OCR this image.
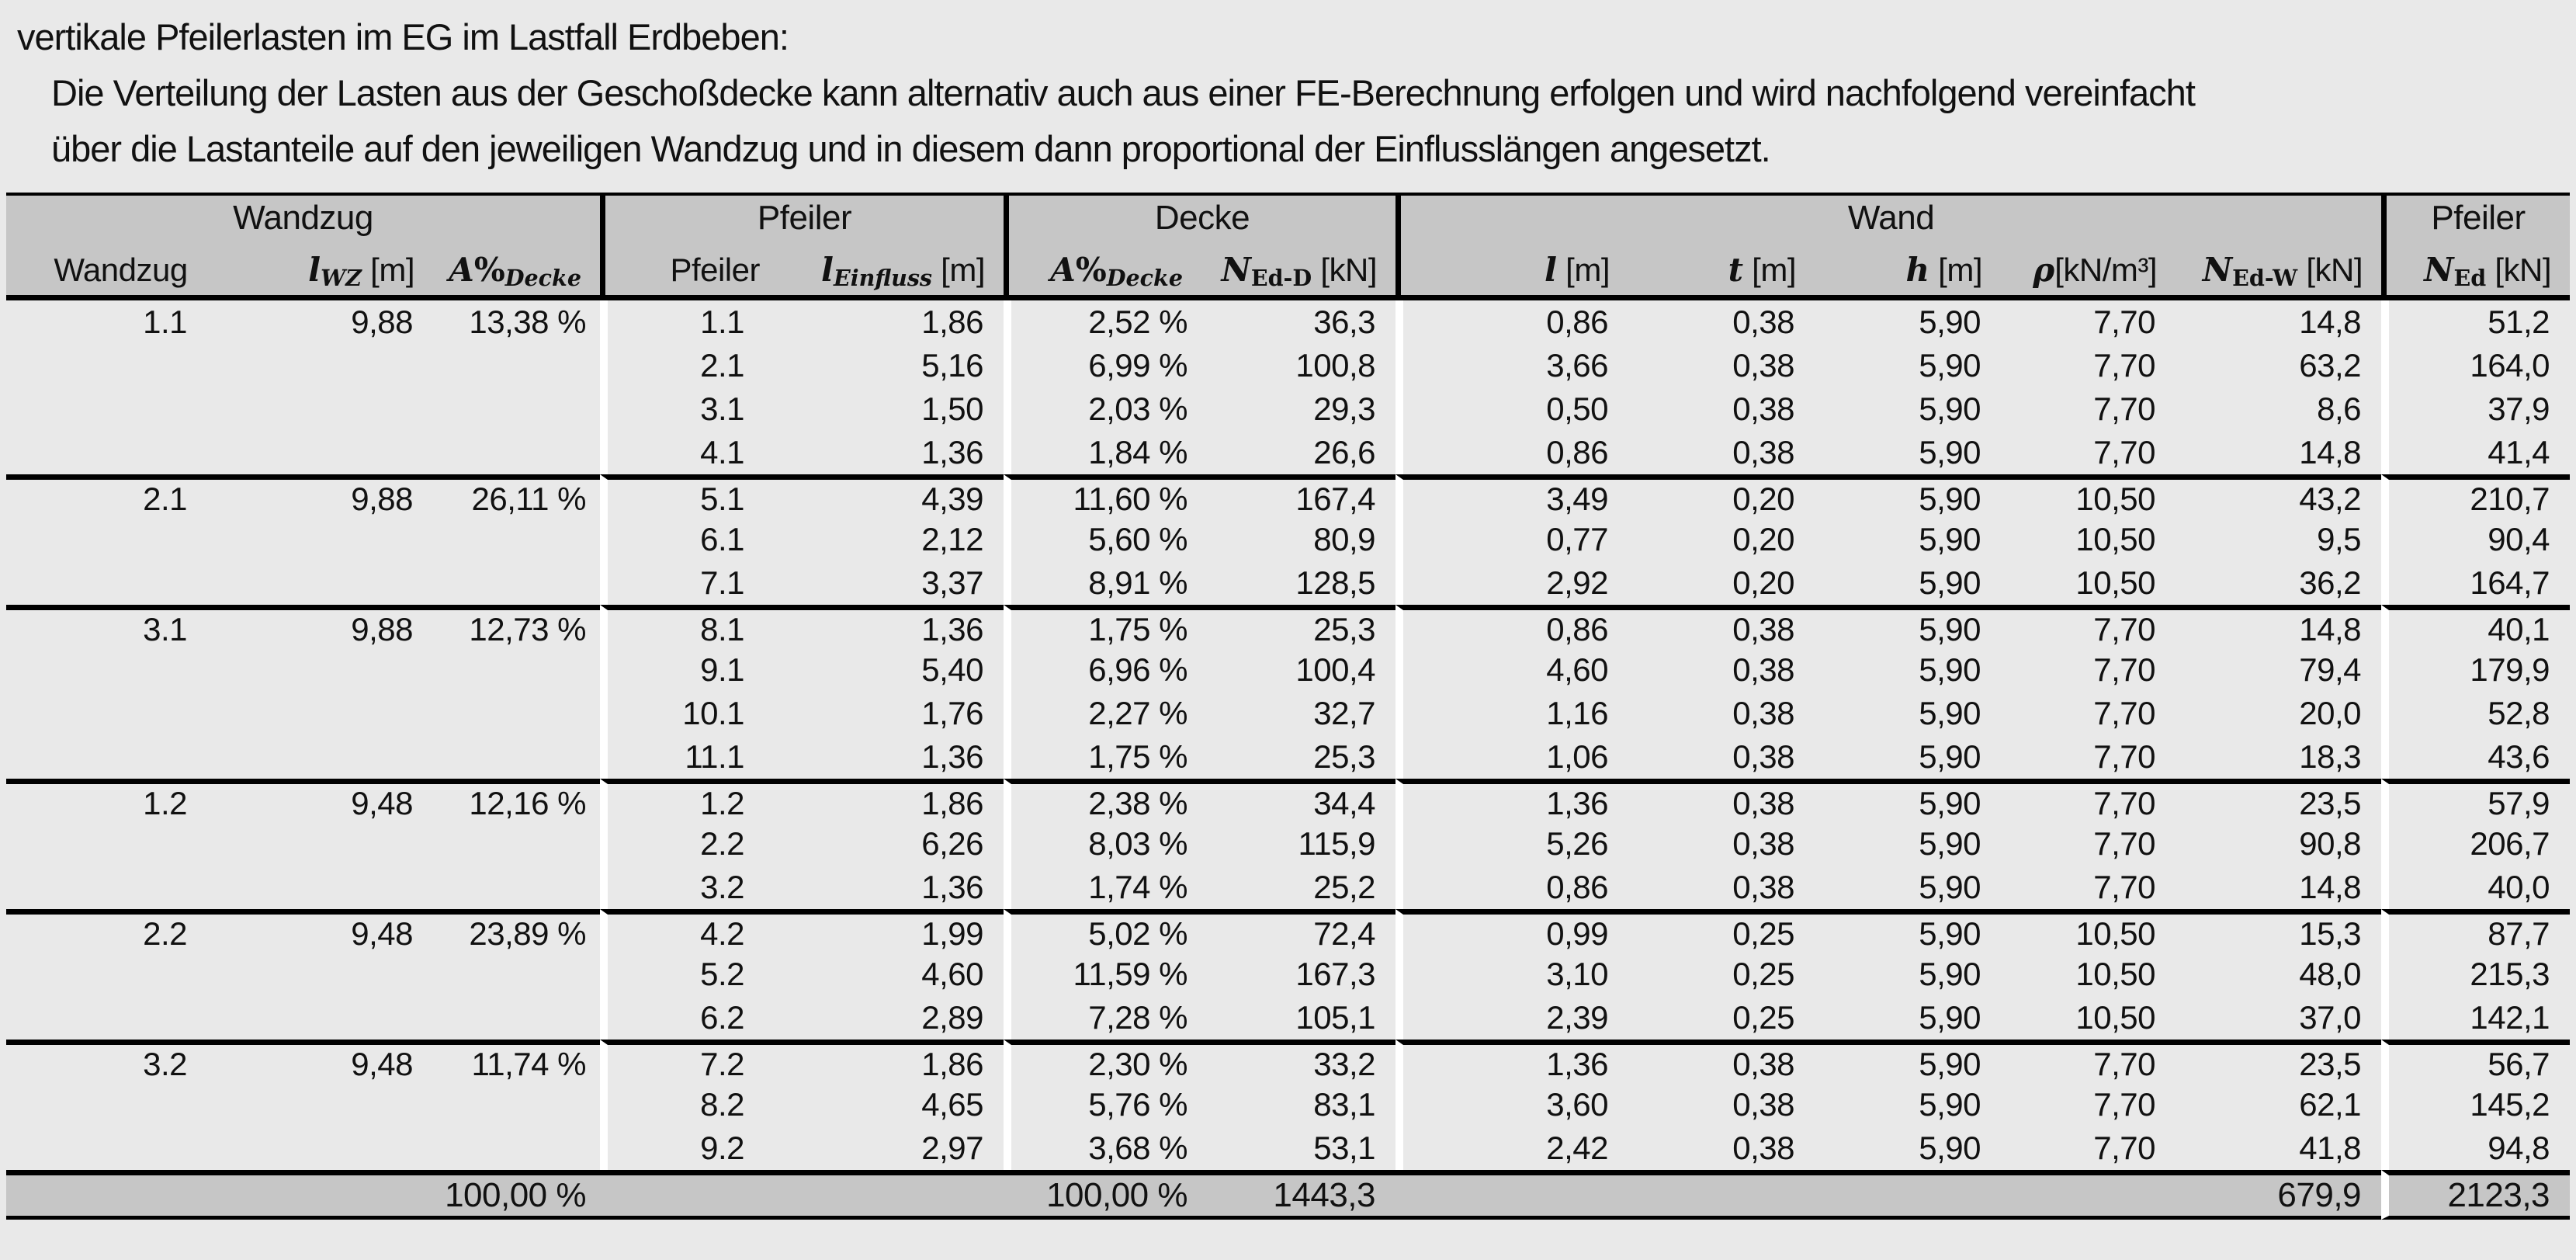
vertikale Pfeilerlasten im EG im Lastfall Erdbeben:
Die Verteilung der Lasten aus der Geschoßdecke kann alternativ auch aus einer FE-Berechnung erfolgen und wird nachfolgend vereinfacht
über die Lastanteile auf den jeweiligen Wandzug und in diesem dann proportional der Einflusslängen angesetzt.
Wandzug			Pfeiler		Decke		Wand					Pfeiler
Wandzug	lWZ [m]	A%Decke	Pfeiler	lEinfluss [m]	A%Decke	NEd-D [kN]	l [m]	t [m]	h [m]	ρ[kN/m³]	NEd-W [kN]	NEd [kN]
1.1	9,88	13,38 %	1.1	1,86	2,52 %	36,3	0,86	0,38	5,90	7,70	14,8	51,2
			2.1	5,16	6,99 %	100,8	3,66	0,38	5,90	7,70	63,2	164,0
			3.1	1,50	2,03 %	29,3	0,50	0,38	5,90	7,70	8,6	37,9
			4.1	1,36	1,84 %	26,6	0,86	0,38	5,90	7,70	14,8	41,4
2.1	9,88	26,11 %	5.1	4,39	11,60 %	167,4	3,49	0,20	5,90	10,50	43,2	210,7
			6.1	2,12	5,60 %	80,9	0,77	0,20	5,90	10,50	9,5	90,4
			7.1	3,37	8,91 %	128,5	2,92	0,20	5,90	10,50	36,2	164,7
3.1	9,88	12,73 %	8.1	1,36	1,75 %	25,3	0,86	0,38	5,90	7,70	14,8	40,1
			9.1	5,40	6,96 %	100,4	4,60	0,38	5,90	7,70	79,4	179,9
			10.1	1,76	2,27 %	32,7	1,16	0,38	5,90	7,70	20,0	52,8
			11.1	1,36	1,75 %	25,3	1,06	0,38	5,90	7,70	18,3	43,6
1.2	9,48	12,16 %	1.2	1,86	2,38 %	34,4	1,36	0,38	5,90	7,70	23,5	57,9
			2.2	6,26	8,03 %	115,9	5,26	0,38	5,90	7,70	90,8	206,7
			3.2	1,36	1,74 %	25,2	0,86	0,38	5,90	7,70	14,8	40,0
2.2	9,48	23,89 %	4.2	1,99	5,02 %	72,4	0,99	0,25	5,90	10,50	15,3	87,7
			5.2	4,60	11,59 %	167,3	3,10	0,25	5,90	10,50	48,0	215,3
			6.2	2,89	7,28 %	105,1	2,39	0,25	5,90	10,50	37,0	142,1
3.2	9,48	11,74 %	7.2	1,86	2,30 %	33,2	1,36	0,38	5,90	7,70	23,5	56,7
			8.2	4,65	5,76 %	83,1	3,60	0,38	5,90	7,70	62,1	145,2
			9.2	2,97	3,68 %	53,1	2,42	0,38	5,90	7,70	41,8	94,8
		100,00 %			100,00 %	1443,3					679,9	2123,3
